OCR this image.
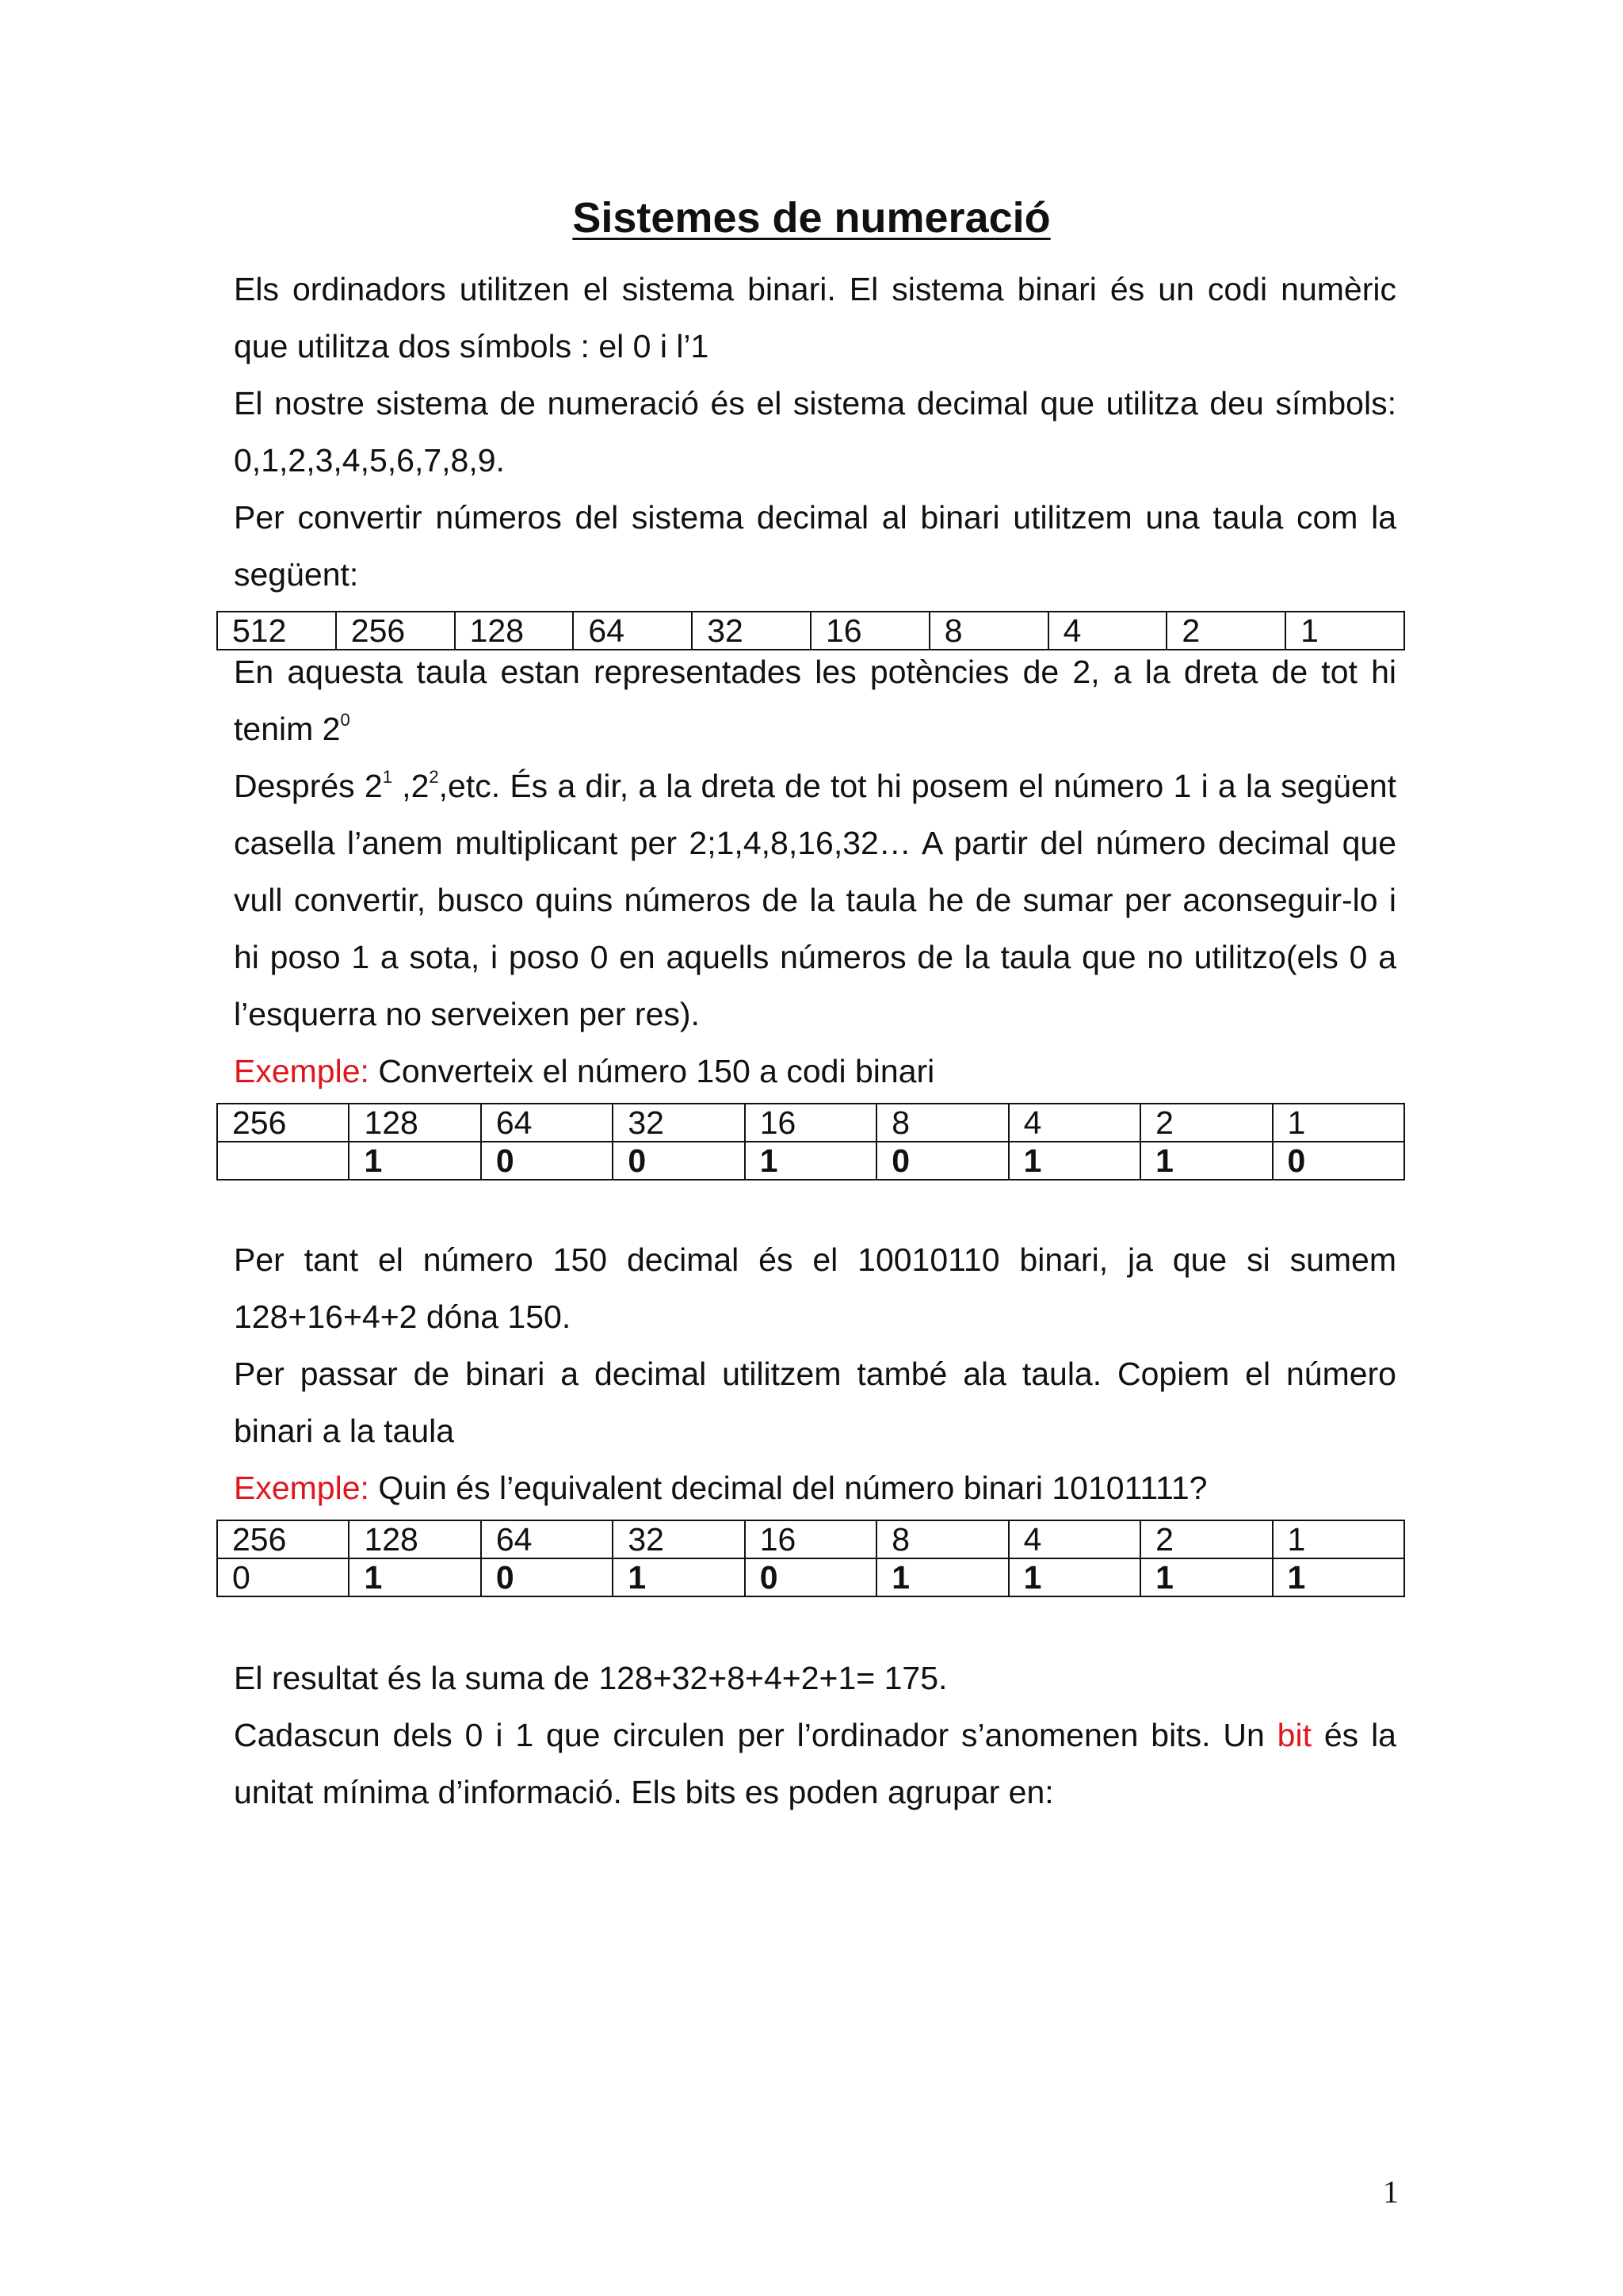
Sistemes de numeració

Els ordinadors utilitzen el sistema binari. El sistema binari és un codi numèric que utilitza dos símbols : el 0 i l’1

El nostre sistema de numeració és el sistema decimal que utilitza deu símbols: 0,1,2,3,4,5,6,7,8,9.

Per convertir números del sistema decimal al binari utilitzem una taula com la següent:

512	256	128	64	32	16	8	4	2	1

En aquesta taula estan representades les potències de 2, a la dreta de tot hi tenim $2^0$

Després $2^1$ $,2^2,etc$. És a dir, a la dreta de tot hi posem el número 1 i a la següent casella l’anem multiplicant per 2;1,4,8,16,32… A partir del número decimal que vull convertir, busco quins números de la taula he de sumar per aconseguir-lo i hi poso 1 a sota, i poso 0 en aquells números de la taula que no utilitzo(els 0 a l’esquerra no serveixen per res).

Exemple: Converteix el número 150 a codi binari

256	128	64	32	16	8	4	2	1
	1	0	0	1	0	1	1	0

Per tant el número 150 decimal és el 10010110 binari, ja que si sumem 128+16+4+2 dóna 150.

Per passar de binari a decimal utilitzem també ala taula. Copiem el número binari a la taula

Exemple: Quin és l’equivalent decimal del número binari 10101111?

256	128	64	32	16	8	4	2	1
0	1	0	1	0	1	1	1	1

El resultat és la suma de 128+32+8+4+2+1= 175.

Cadascun dels 0 i 1 que circulen per l’ordinador s’anomenen bits. Un bit és la unitat mínima d’informació. Els bits es poden agrupar en:

1
